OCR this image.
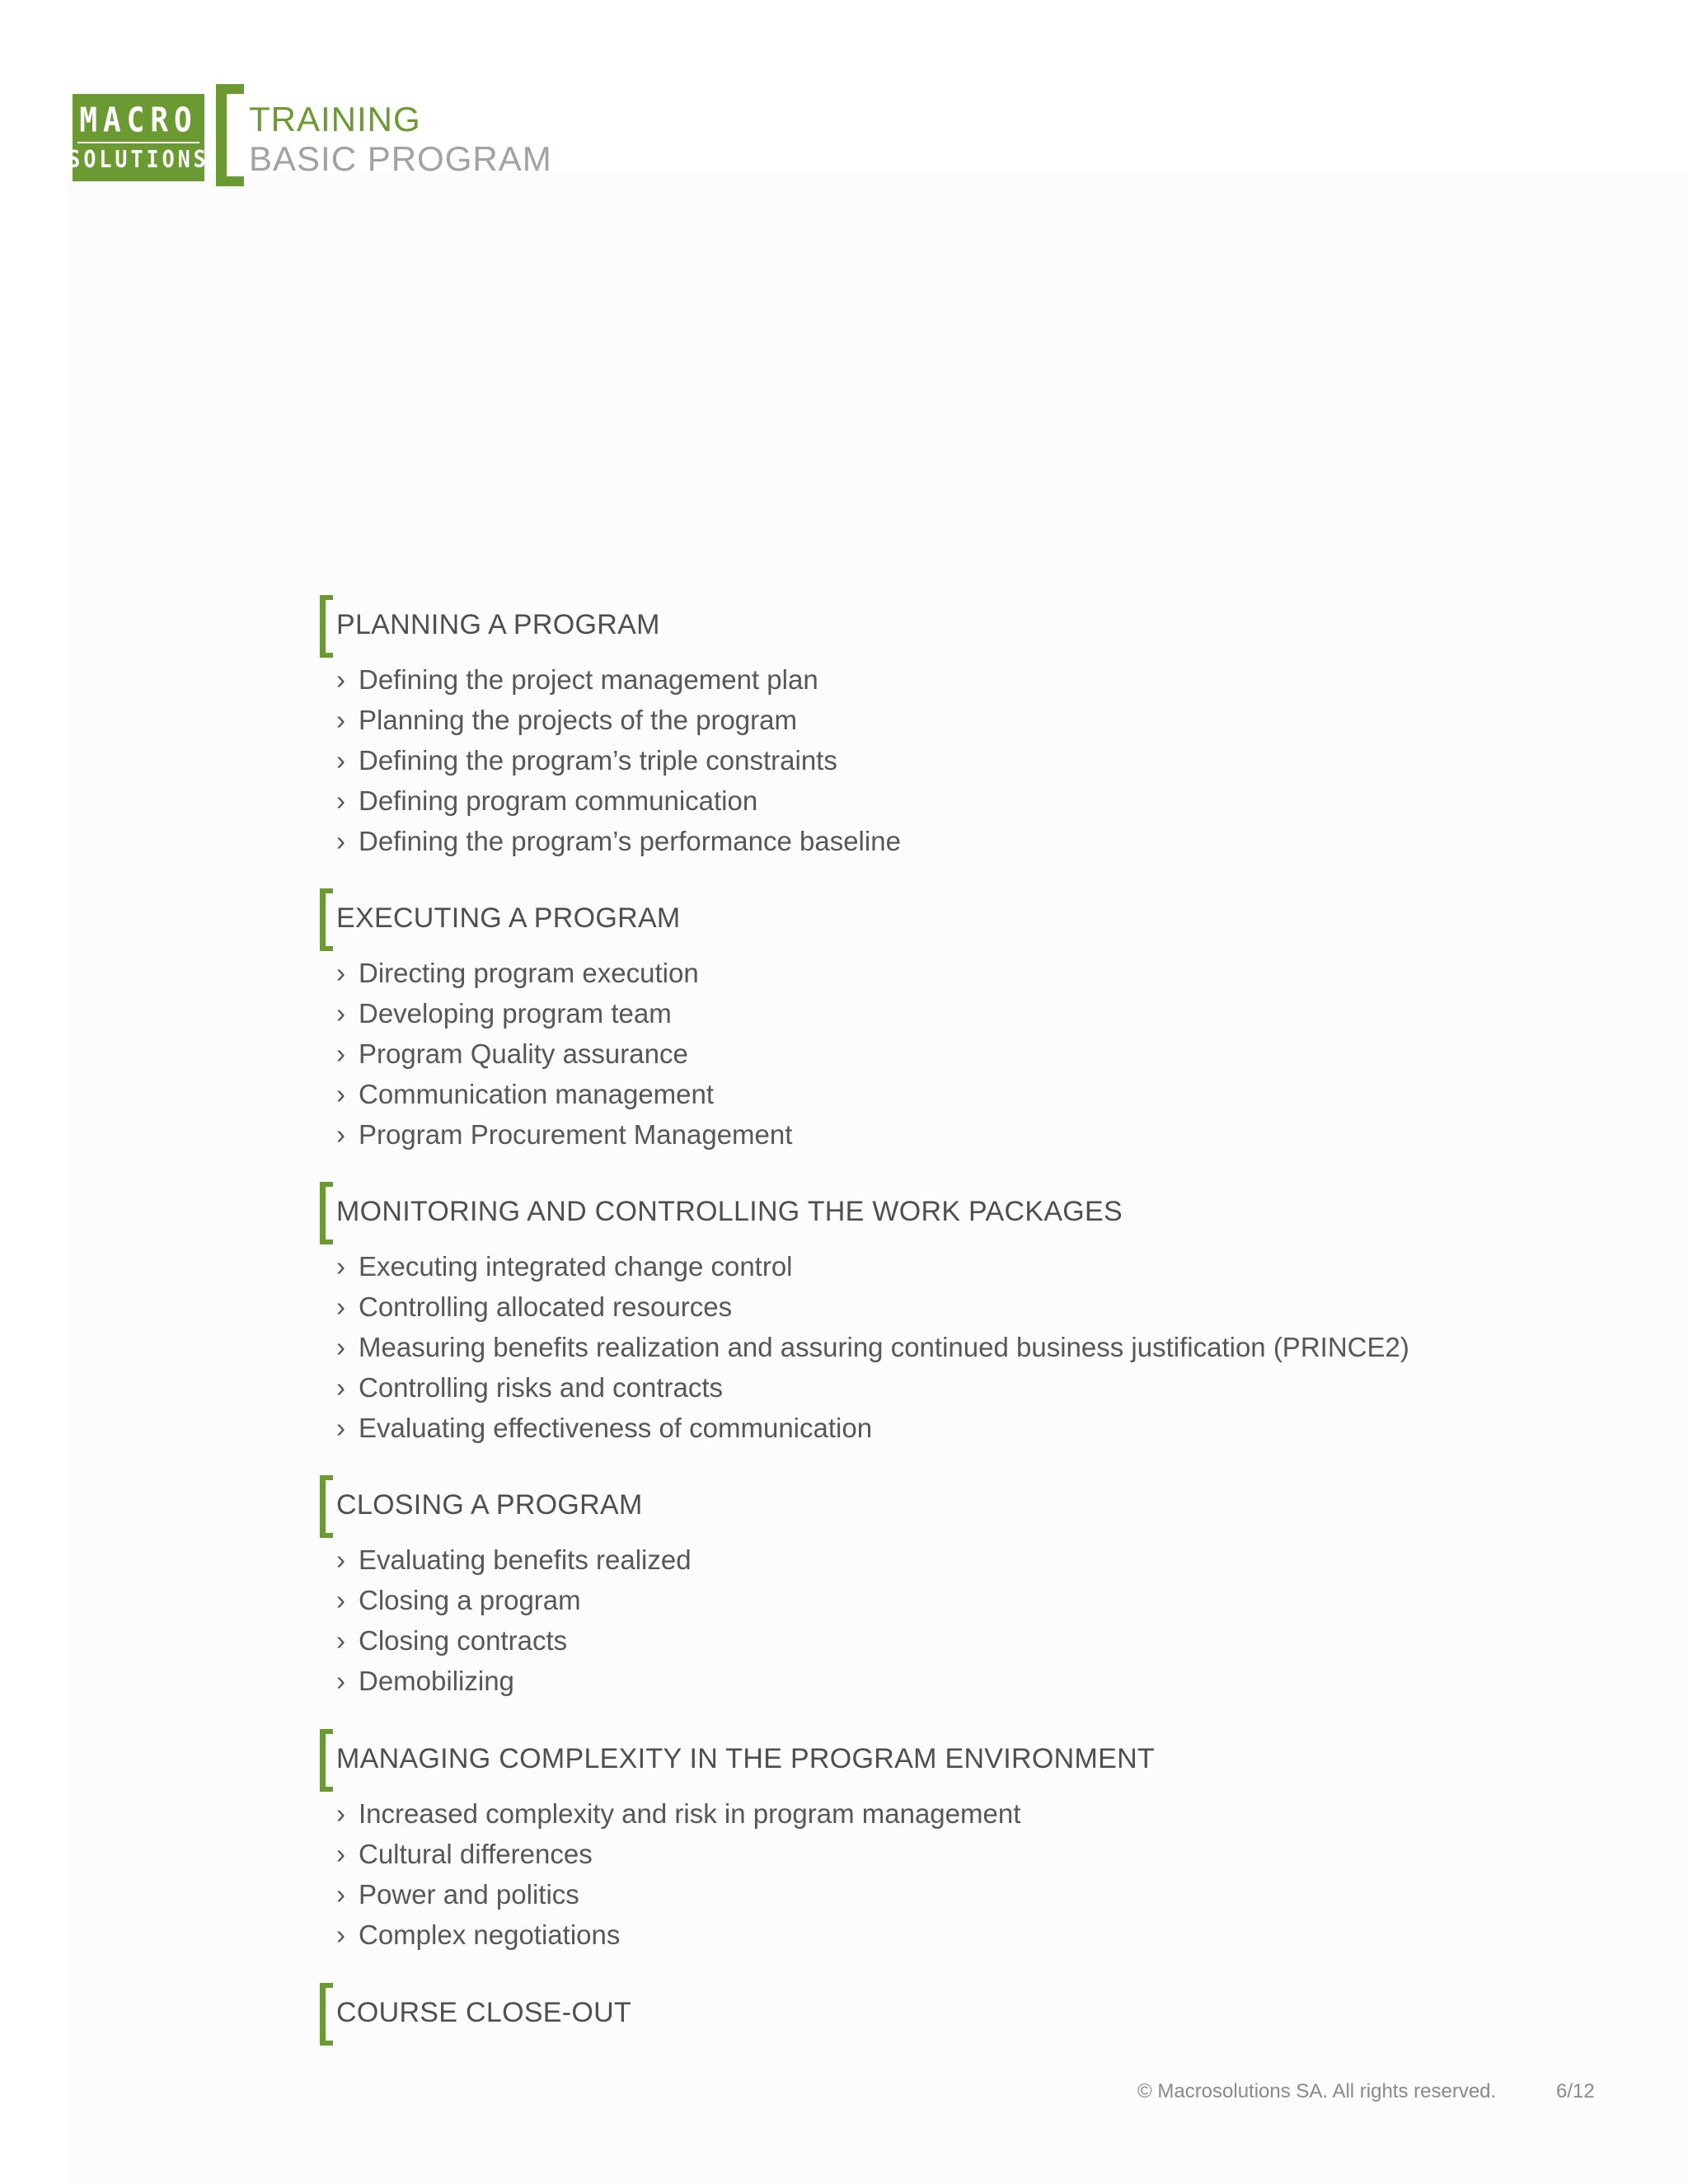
MACRO
SOLUTIONS
TRAINING
BASIC PROGRAM
PLANNING A PROGRAM
› Defining the project management plan
› Planning the projects of the program
› Defining the program’s triple constraints
› Defining program communication
› Defining the program’s performance baseline
EXECUTING A PROGRAM
› Directing program execution
› Developing program team
› Program Quality assurance
› Communication management
› Program Procurement Management
MONITORING AND CONTROLLING THE WORK PACKAGES
› Executing integrated change control
› Controlling allocated resources
› Measuring benefits realization and assuring continued business justification (PRINCE2)
› Controlling risks and contracts
› Evaluating effectiveness of communication
CLOSING A PROGRAM
› Evaluating benefits realized
› Closing a program
› Closing contracts
› Demobilizing
MANAGING COMPLEXITY IN THE PROGRAM ENVIRONMENT
› Increased complexity and risk in program management
› Cultural differences
› Power and politics
› Complex negotiations
COURSE CLOSE-OUT
© Macrosolutions SA. All rights reserved.	6/12
